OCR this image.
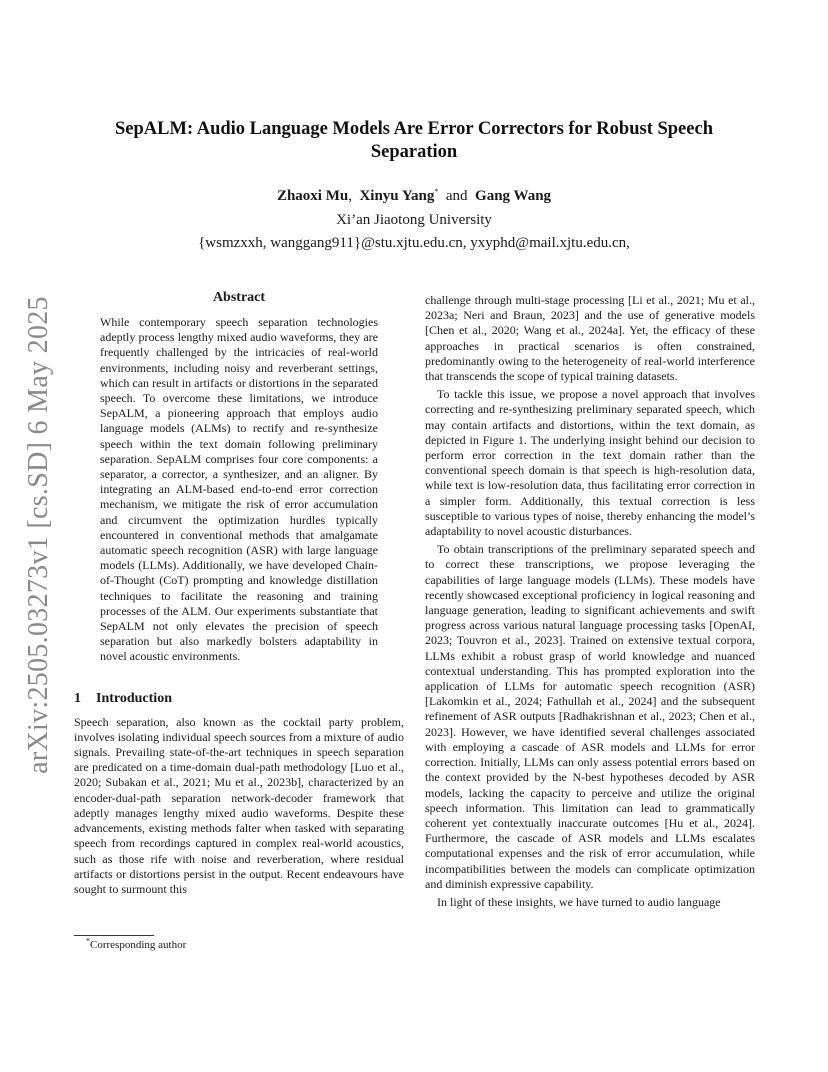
arXiv:2505.03273v1 [cs.SD] 6 May 2025
SepALM: Audio Language Models Are Error Correctors for Robust Speech
Separation
Zhaoxi Mu, Xinyu Yang* and Gang Wang
Xi’an Jiaotong University
{wsmzxxh, wanggang911}@stu.xjtu.edu.cn, yxyphd@mail.xjtu.edu.cn,
Abstract

While contemporary speech separation technologies adeptly process lengthy mixed audio waveforms, they are frequently challenged by the intricacies of real-world environments, including noisy and reverberant settings, which can result in artifacts or distortions in the separated speech. To overcome these limitations, we introduce SepALM, a pioneering approach that employs audio language models (ALMs) to rectify and re-synthesize speech within the text domain following preliminary separation. SepALM comprises four core components: a separator, a corrector, a synthesizer, and an aligner. By integrating an ALM-based end-to-end error correction mechanism, we mitigate the risk of error accumulation and circumvent the optimization hurdles typically encountered in conventional methods that amalgamate automatic speech recognition (ASR) with large language models (LLMs). Additionally, we have developed Chain-of-Thought (CoT) prompting and knowledge distillation techniques to facilitate the reasoning and training processes of the ALM. Our experiments substantiate that SepALM not only elevates the precision of speech separation but also markedly bolsters adaptability in novel acoustic environments.

1 Introduction

Speech separation, also known as the cocktail party problem, involves isolating individual speech sources from a mixture of audio signals. Prevailing state-of-the-art techniques in speech separation are predicated on a time-domain dual-path methodology [Luo et al., 2020; Subakan et al., 2021; Mu et al., 2023b], characterized by an encoder-dual-path separation network-decoder framework that adeptly manages lengthy mixed audio waveforms. Despite these advancements, existing methods falter when tasked with separating speech from recordings captured in complex real-world acoustics, such as those rife with noise and reverberation, where residual artifacts or distortions persist in the output. Recent endeavours have sought to surmount this

challenge through multi-stage processing [Li et al., 2021; Mu et al., 2023a; Neri and Braun, 2023] and the use of generative models [Chen et al., 2020; Wang et al., 2024a]. Yet, the efficacy of these approaches in practical scenarios is often constrained, predominantly owing to the heterogeneity of real-world interference that transcends the scope of typical training datasets.

To tackle this issue, we propose a novel approach that involves correcting and re-synthesizing preliminary separated speech, which may contain artifacts and distortions, within the text domain, as depicted in Figure 1. The underlying insight behind our decision to perform error correction in the text domain rather than the conventional speech domain is that speech is high-resolution data, while text is low-resolution data, thus facilitating error correction in a simpler form. Additionally, this textual correction is less susceptible to various types of noise, thereby enhancing the model’s adaptability to novel acoustic disturbances.

To obtain transcriptions of the preliminary separated speech and to correct these transcriptions, we propose leveraging the capabilities of large language models (LLMs). These models have recently showcased exceptional proficiency in logical reasoning and language generation, leading to significant achievements and swift progress across various natural language processing tasks [OpenAI, 2023; Touvron et al., 2023]. Trained on extensive textual corpora, LLMs exhibit a robust grasp of world knowledge and nuanced contextual understanding. This has prompted exploration into the application of LLMs for automatic speech recognition (ASR) [Lakomkin et al., 2024; Fathullah et al., 2024] and the subsequent refinement of ASR outputs [Radhakrishnan et al., 2023; Chen et al., 2023]. However, we have identified several challenges associated with employing a cascade of ASR models and LLMs for error correction. Initially, LLMs can only assess potential errors based on the context provided by the N-best hypotheses decoded by ASR models, lacking the capacity to perceive and utilize the original speech information. This limitation can lead to grammatically coherent yet contextually inaccurate outcomes [Hu et al., 2024]. Furthermore, the cascade of ASR models and LLMs escalates computational expenses and the risk of error accumulation, while incompatibilities between the models can complicate optimization and diminish expressive capability.

In light of these insights, we have turned to audio language

*Corresponding author
